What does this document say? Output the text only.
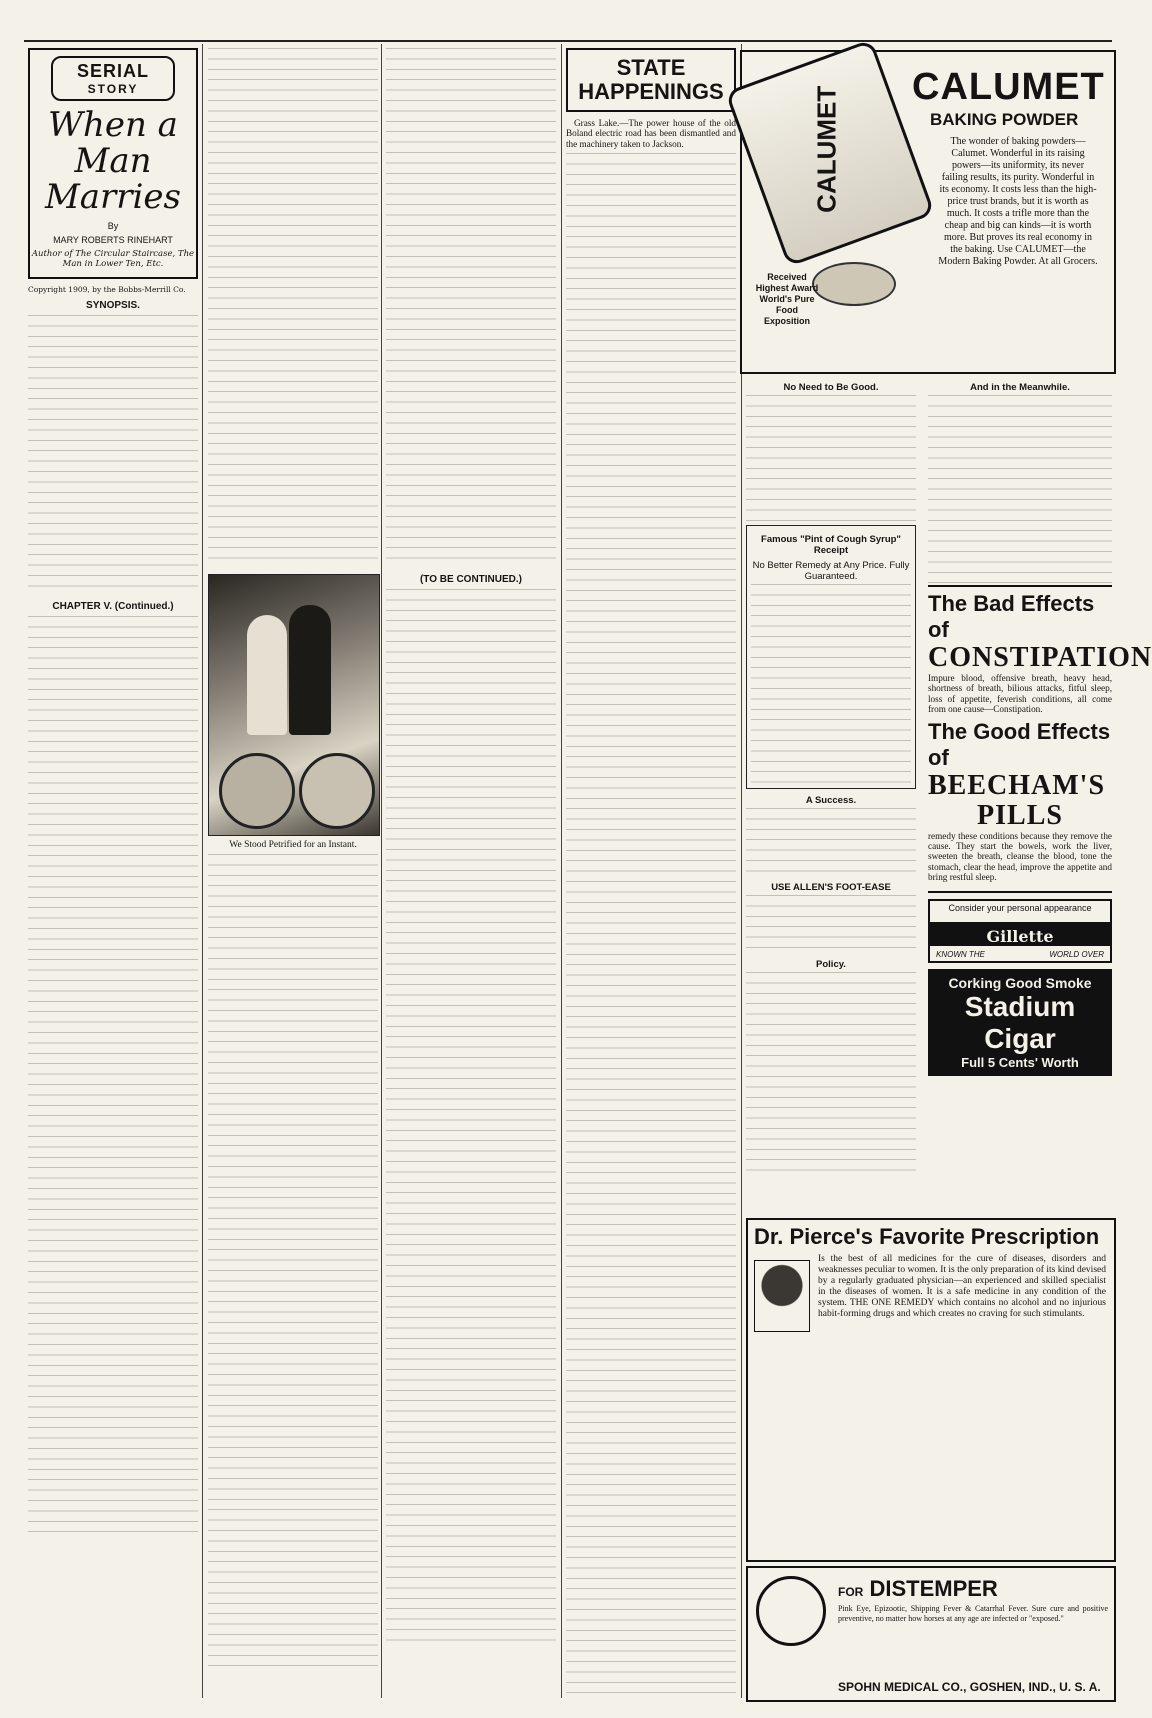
SERIAL
STORY
When a Man Marries
By
MARY ROBERTS RINEHART
Author of The Circular Staircase, The Man in Lower Ten, Etc.
Copyright 1909, by the Bobbs-Merrill Co.
SYNOPSIS.
CHAPTER V. (Continued.)
We Stood Petrified for an Instant.
(TO BE CONTINUED.)
STATE HAPPENINGS

Grass Lake.—The power house of the old Boland electric road has been dismantled and the machinery taken to Jackson.	CALUMET CALUMET
BAKING POWDER
The wonder of baking powders—Calumet. Wonderful in its raising powers—its uniformity, its never failing results, its purity. Wonderful in its economy. It costs less than the high-price trust brands, but it is worth as much. It costs a trifle more than the cheap and big can kinds—it is worth more. But proves its real economy in the baking. Use CALUMET—the Modern Baking Powder. At all Grocers.
Received Highest Award World's Pure Food Exposition
No Need to Be Good.
Famous "Pint of Cough Syrup" Receipt
No Better Remedy at Any Price. Fully Guaranteed.
A Success.
USE ALLEN'S FOOT-EASE
Policy.
And in the Meanwhile.
The Bad Effects of
CONSTIPATION

Impure blood, offensive breath, heavy head, shortness of breath, bilious attacks, fitful sleep, loss of appetite, feverish conditions, all come from one cause—Constipation.

The Good Effects of
BEECHAM'S
PILLS

remedy these conditions because they remove the cause. They start the bowels, work the liver, sweeten the breath, cleanse the blood, tone the stomach, clear the head, improve the appetite and bring restful sleep.

Consider your personal appearance
Gillette
KNOWN THE	WORLD OVER
Corking Good Smoke
Stadium Cigar
Full 5 Cents' Worth
Dr. Pierce's Favorite Prescription

Is the best of all medicines for the cure of diseases, disorders and weaknesses peculiar to women. It is the only preparation of its kind devised by a regularly graduated physician—an experienced and skilled specialist in the diseases of women. It is a safe medicine in any condition of the system. THE ONE REMEDY which contains no alcohol and no injurious habit-forming drugs and which creates no craving for such stimulants.

FOR DISTEMPER
Pink Eye, Epizootic, Shipping Fever & Catarrhal Fever. Sure cure and positive preventive, no matter how horses at any age are infected or "exposed."
SPOHN MEDICAL CO., GOSHEN, IND., U. S. A.
